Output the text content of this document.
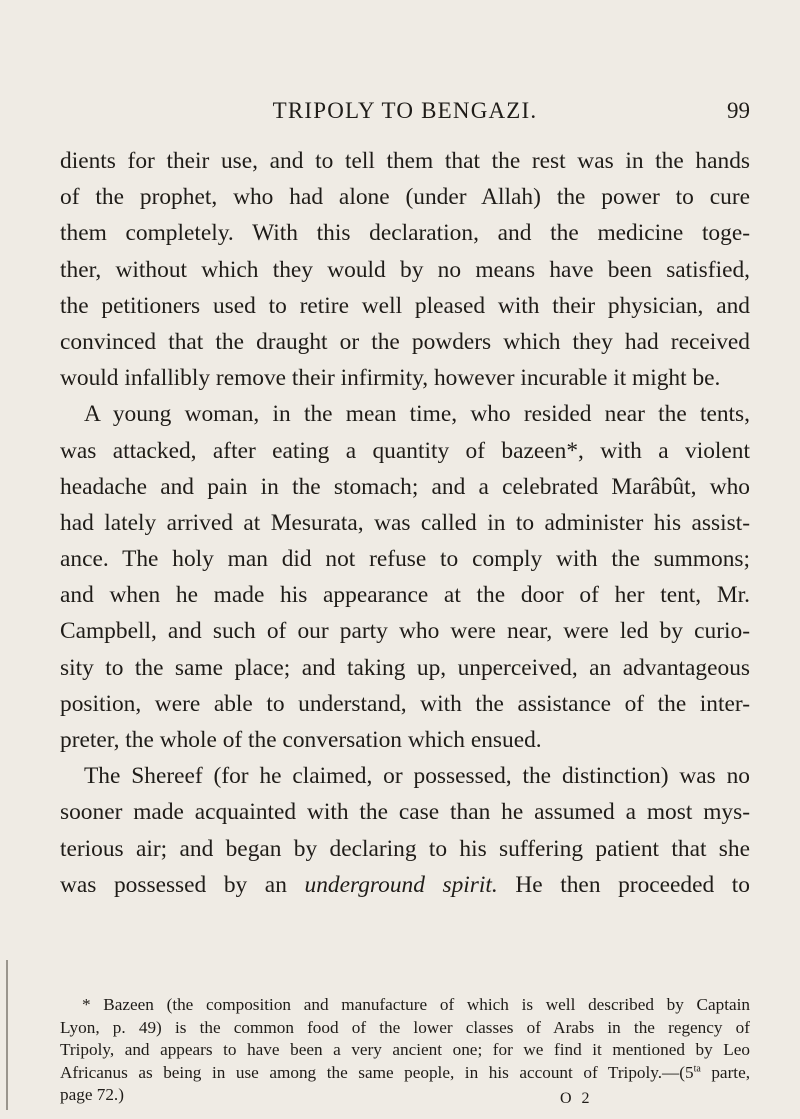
TRIPOLY TO BENGAZI.	99
dients for their use, and to tell them that the rest was in the hands
of the prophet, who had alone (under Allah) the power to cure
them completely. With this declaration, and the medicine toge-
ther, without which they would by no means have been satisfied,
the petitioners used to retire well pleased with their physician, and
convinced that the draught or the powders which they had received
would infallibly remove their infirmity, however incurable it might be.
A young woman, in the mean time, who resided near the tents,
was attacked, after eating a quantity of bazeen*, with a violent
headache and pain in the stomach; and a celebrated Marâbût, who
had lately arrived at Mesurata, was called in to administer his assist-
ance. The holy man did not refuse to comply with the summons;
and when he made his appearance at the door of her tent, Mr.
Campbell, and such of our party who were near, were led by curio-
sity to the same place; and taking up, unperceived, an advantageous
position, were able to understand, with the assistance of the inter-
preter, the whole of the conversation which ensued.
The Shereef (for he claimed, or possessed, the distinction) was no
sooner made acquainted with the case than he assumed a most mys-
terious air; and began by declaring to his suffering patient that she
was possessed by an underground spirit. He then proceeded to
* Bazeen (the composition and manufacture of which is well described by Captain
Lyon, p. 49) is the common food of the lower classes of Arabs in the regency of
Tripoly, and appears to have been a very ancient one; for we find it mentioned by Leo
Africanus as being in use among the same people, in his account of $Tripoly.—(5^{ta}$ parte,
page 72.)	O 2
